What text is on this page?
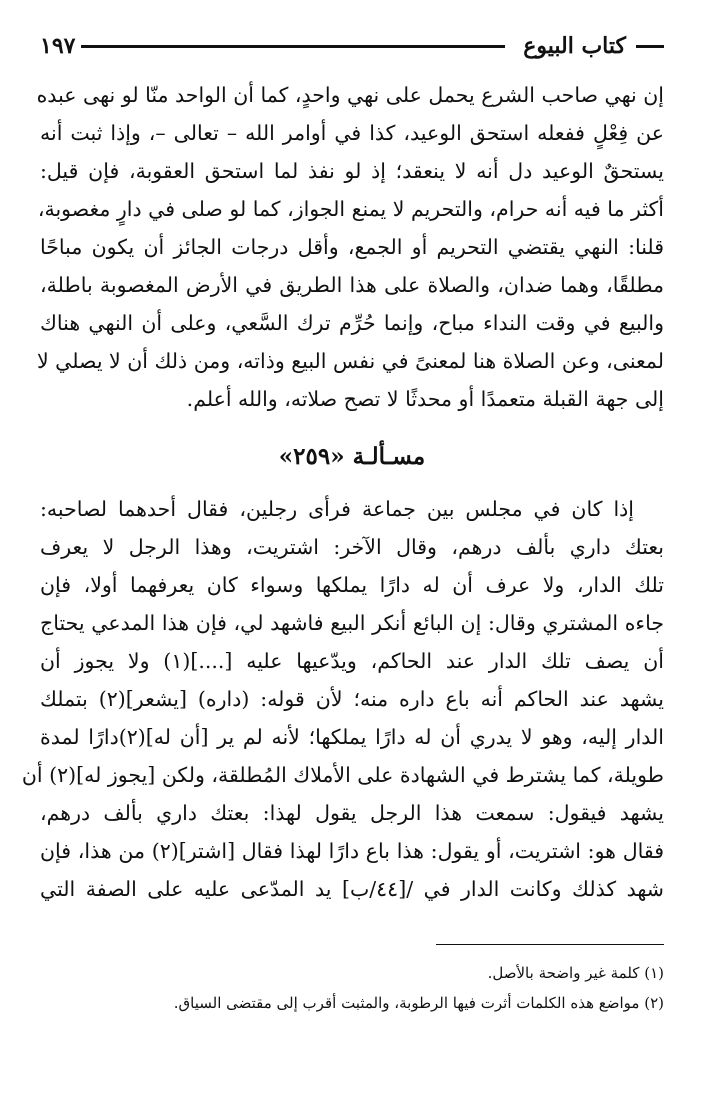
كتاب البيوع
١٩٧
إن نهي صاحب الشرع يحمل على نهي واحدٍ، كما أن الواحد منّا لو نهى عبده
عن فِعْلٍ ففعله استحق الوعيد، كذا في أوامر الله – تعالى –، وإذا ثبت أنه
يستحقٌ الوعيد دل أنه لا ينعقد؛ إذ لو نفذ لما استحق العقوبة، فإن قيل:
أكثر ما فيه أنه حرام، والتحريم لا يمنع الجواز، كما لو صلى في دارٍ مغصوبة،
قلنا: النهي يقتضي التحريم أو الجمع، وأقل درجات الجائز أن يكون مباحًا
مطلقًا، وهما ضدان، والصلاة على هذا الطريق في الأرض المغصوبة باطلة،
والبيع في وقت النداء مباح، وإنما حُرِّم ترك السَّعي، وعلى أن النهي هناك
لمعنى، وعن الصلاة هنا لمعنىً في نفس البيع وذاته، ومن ذلك أن لا يصلي لا
إلى جهة القبلة متعمدًا أو محدثًا لا تصح صلاته، والله أعلم.
مسـألـة «٢٥٩»
إذا كان في مجلس بين جماعة فرأى رجلين، فقال أحدهما لصاحبه:
بعتك داري بألف درهم، وقال الآخر: اشتريت، وهذا الرجل لا يعرف
تلك الدار، ولا عرف أن له دارًا يملكها وسواء كان يعرفهما أولا، فإن
جاءه المشتري وقال: إن البائع أنكر البيع فاشهد لي، فإن هذا المدعي يحتاج
أن يصف تلك الدار عند الحاكم، ويدّعيها عليه [....](١) ولا يجوز أن
يشهد عند الحاكم أنه باع داره منه؛ لأن قوله: (داره) [يشعر](٢) بتملك
الدار إليه، وهو لا يدري أن له دارًا يملكها؛ لأنه لم ير [أن له](٢)دارًا لمدة
طويلة، كما يشترط في الشهادة على الأملاك المُطلقة، ولكن [يجوز له](٢) أن
يشهد فيقول: سمعت هذا الرجل يقول لهذا: بعتك داري بألف درهم،
فقال هو: اشتريت، أو يقول: هذا باع دارًا لهذا فقال [اشتر](٢) من هذا، فإن
شهد كذلك وكانت الدار في /[٤٤/ب] يد المدّعى عليه على الصفة التي
(١) كلمة غير واضحة بالأصل.
(٢) مواضع هذه الكلمات أثرت فيها الرطوبة، والمثبت أقرب إلى مقتضى السياق.
